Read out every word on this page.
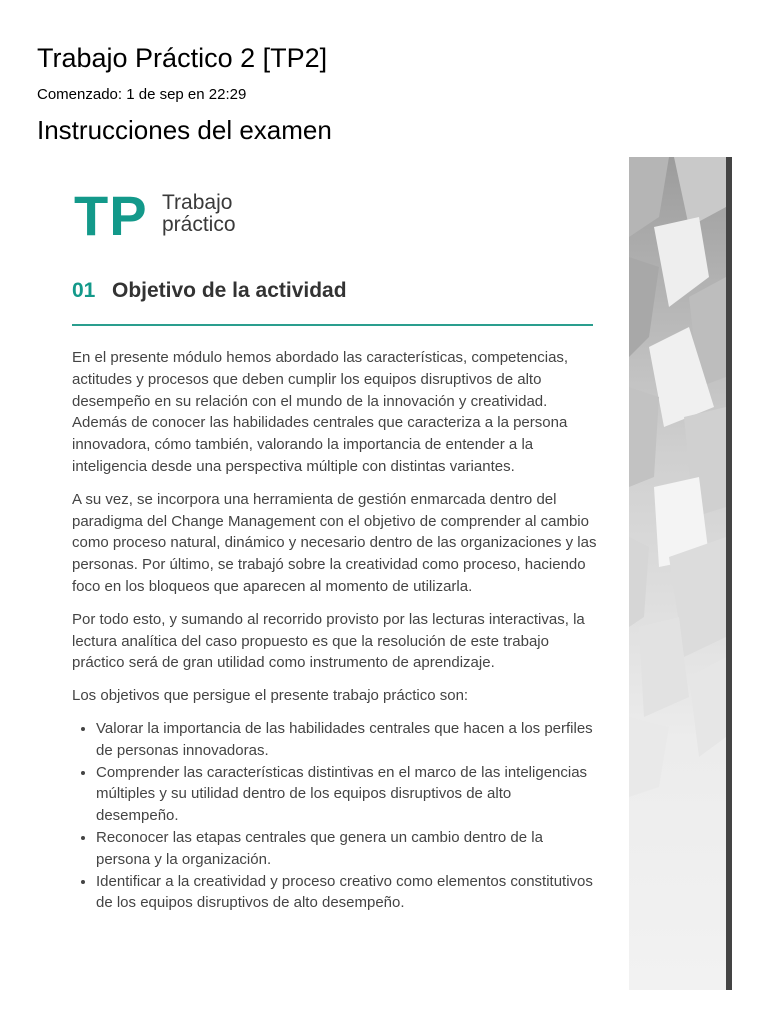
Trabajo Práctico 2 [TP2]
Comenzado: 1 de sep en 22:29
Instrucciones del examen
TP Trabajo
práctico
01 Objetivo de la actividad

En el presente módulo hemos abordado las características, competencias, actitudes y procesos que deben cumplir los equipos disruptivos de alto desempeño en su relación con el mundo de la innovación y creatividad. Además de conocer las habilidades centrales que caracteriza a la persona innovadora, cómo también, valorando la importancia de entender a la inteligencia desde una perspectiva múltiple con distintas variantes.

A su vez, se incorpora una herramienta de gestión enmarcada dentro del paradigma del Change Management con el objetivo de comprender al cambio como proceso natural, dinámico y necesario dentro de las organizaciones y las personas. Por último, se trabajó sobre la creatividad como proceso, haciendo foco en los bloqueos que aparecen al momento de utilizarla.

Por todo esto, y sumando al recorrido provisto por las lecturas interactivas, la lectura analítica del caso propuesto es que la resolución de este trabajo práctico será de gran utilidad como instrumento de aprendizaje.

Los objetivos que persigue el presente trabajo práctico son:

• Valorar la importancia de las habilidades centrales que hacen a los perfiles de personas innovadoras.
• Comprender las características distintivas en el marco de las inteligencias múltiples y su utilidad dentro de los equipos disruptivos de alto desempeño.
• Reconocer las etapas centrales que genera un cambio dentro de la persona y la organización.
• Identificar a la creatividad y proceso creativo como elementos constitutivos de los equipos disruptivos de alto desempeño.
